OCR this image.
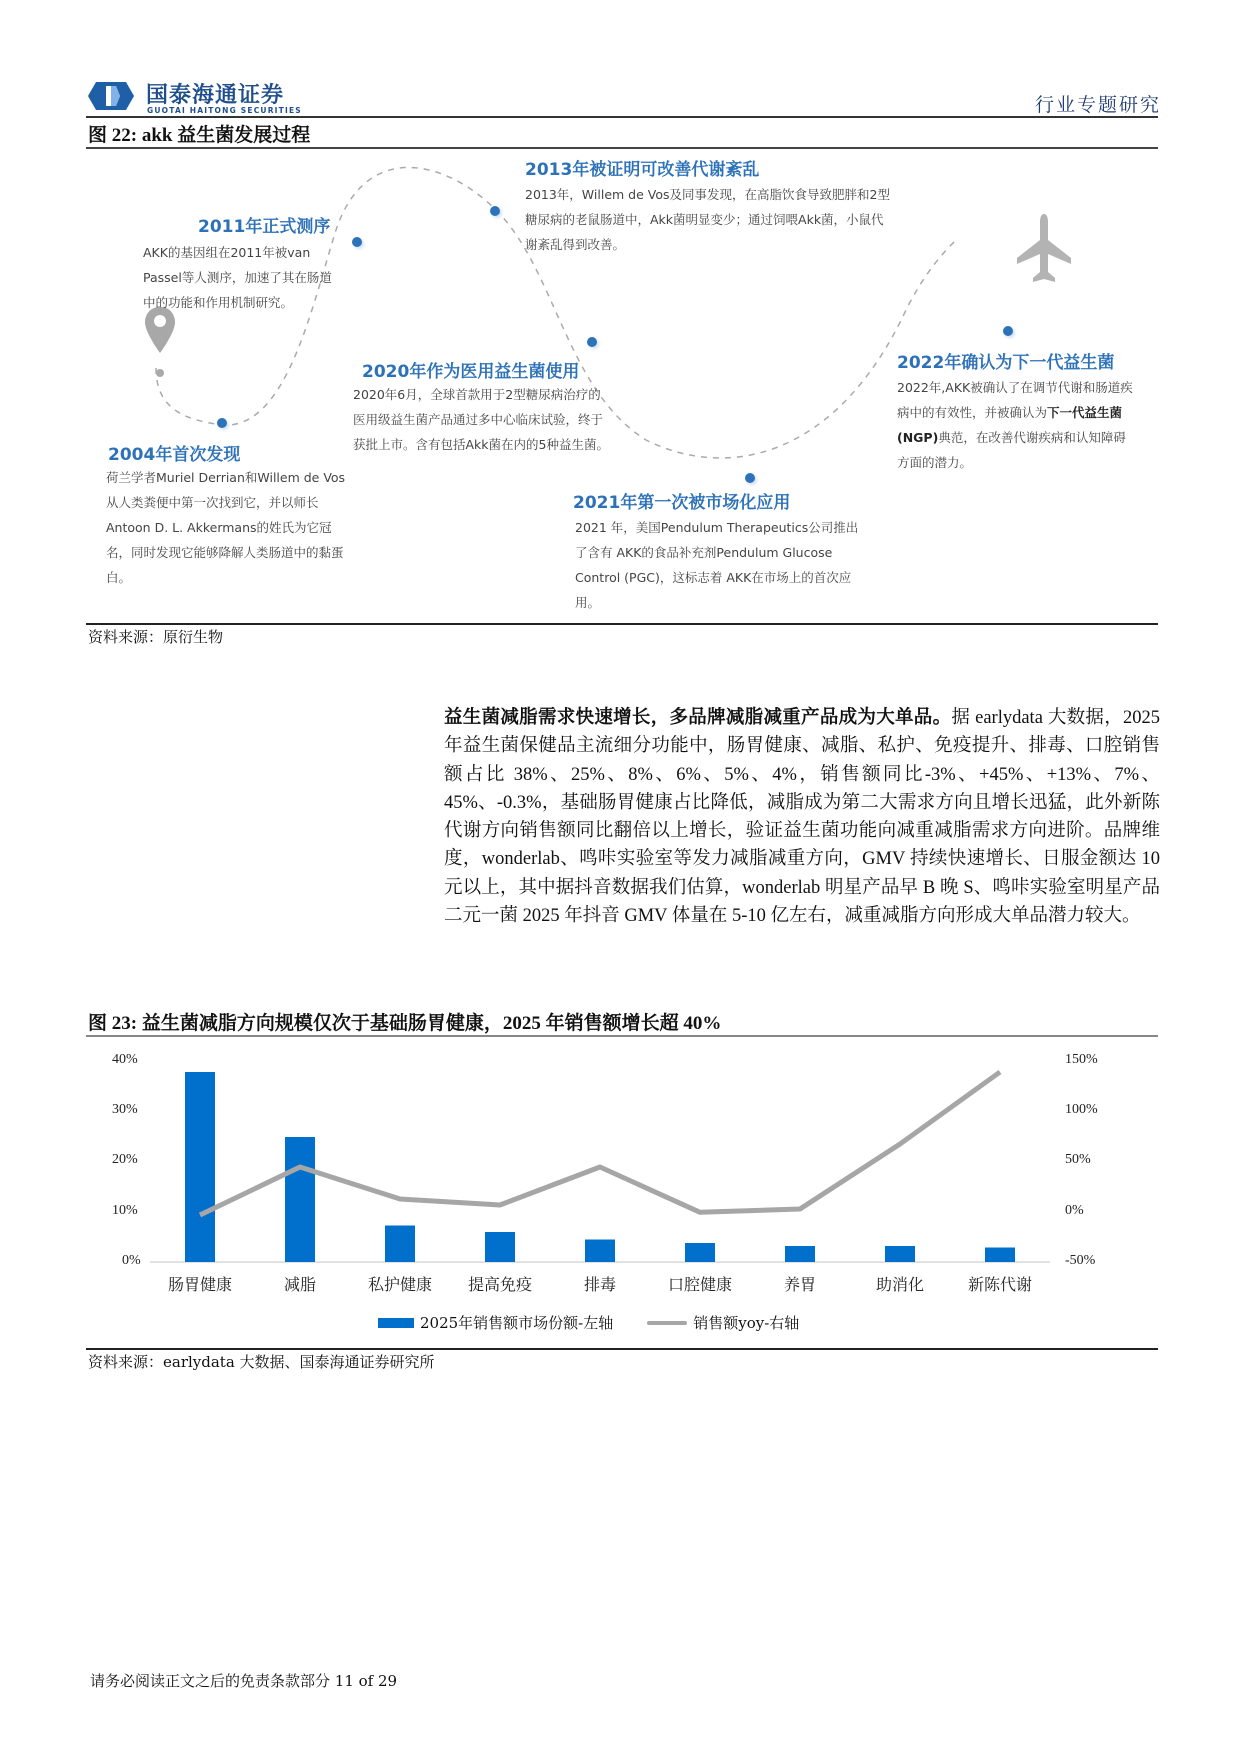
国泰海通证券
GUOTAI HAITONG SECURITIES	行业专题研究
图 22: akk 益生菌发展过程
2004年首次发现
荷兰学者Muriel Derrian和Willem de Vos从人类粪便中第一次找到它，并以师长Antoon D. L. Akkermans的姓氏为它冠名，同时发现它能够降解人类肠道中的黏蛋白。
2011年正式测序
AKK的基因组在2011年被van Passel等人测序，加速了其在肠道中的功能和作用机制研究。
2013年被证明可改善代谢紊乱
2013年，Willem de Vos及同事发现，在高脂饮食导致肥胖和2型糖尿病的老鼠肠道中，Akk菌明显变少；通过饲喂Akk菌，小鼠代谢紊乱得到改善。
2020年作为医用益生菌使用
2020年6月，全球首款用于2型糖尿病治疗的医用级益生菌产品通过多中心临床试验，终于获批上市。含有包括Akk菌在内的5种益生菌。
2021年第一次被市场化应用
2021 年，美国Pendulum Therapeutics公司推出了含有 AKK的食品补充剂Pendulum Glucose Control (PGC)，这标志着 AKK在市场上的首次应用。
2022年确认为下一代益生菌
2022年,AKK被确认了在调节代谢和肠道疾病中的有效性，并被确认为下一代益生菌(NGP)典范，在改善代谢疾病和认知障碍方面的潜力。
资料来源：原衍生物
益生菌减脂需求快速增长，多品牌减脂减重产品成为大单品。据 earlydata 大数据，2025 年益生菌保健品主流细分功能中，肠胃健康、减脂、私护、免疫提升、排毒、口腔销售额占比 38%、25%、8%、6%、5%、4%，销售额同比-3%、+45%、+13%、7%、45%、-0.3%，基础肠胃健康占比降低，减脂成为第二大需求方向且增长迅猛，此外新陈代谢方向销售额同比翻倍以上增长，验证益生菌功能向减重减脂需求方向进阶。品牌维度，wonderlab、鸣咔实验室等发力减脂减重方向，GMV 持续快速增长、日服金额达 10 元以上，其中据抖音数据我们估算，wonderlab 明星产品早 B 晚 S、鸣咔实验室明星产品二元一菌 2025 年抖音 GMV 体量在 5-10 亿左右，减重减脂方向形成大单品潜力较大。
图 23: 益生菌减脂方向规模仅次于基础肠胃健康，2025 年销售额增长超 40%
40%
30%
20%
10%
0%
150%
100%
50%
0%
-50%
肠胃健康	减脂	私护健康	提高免疫	排毒	口腔健康	养胃	助消化	新陈代谢
2025年销售额市场份额-左轴	销售额yoy-右轴
资料来源：earlydata 大数据、国泰海通证券研究所
请务必阅读正文之后的免责条款部分 11 of 29
